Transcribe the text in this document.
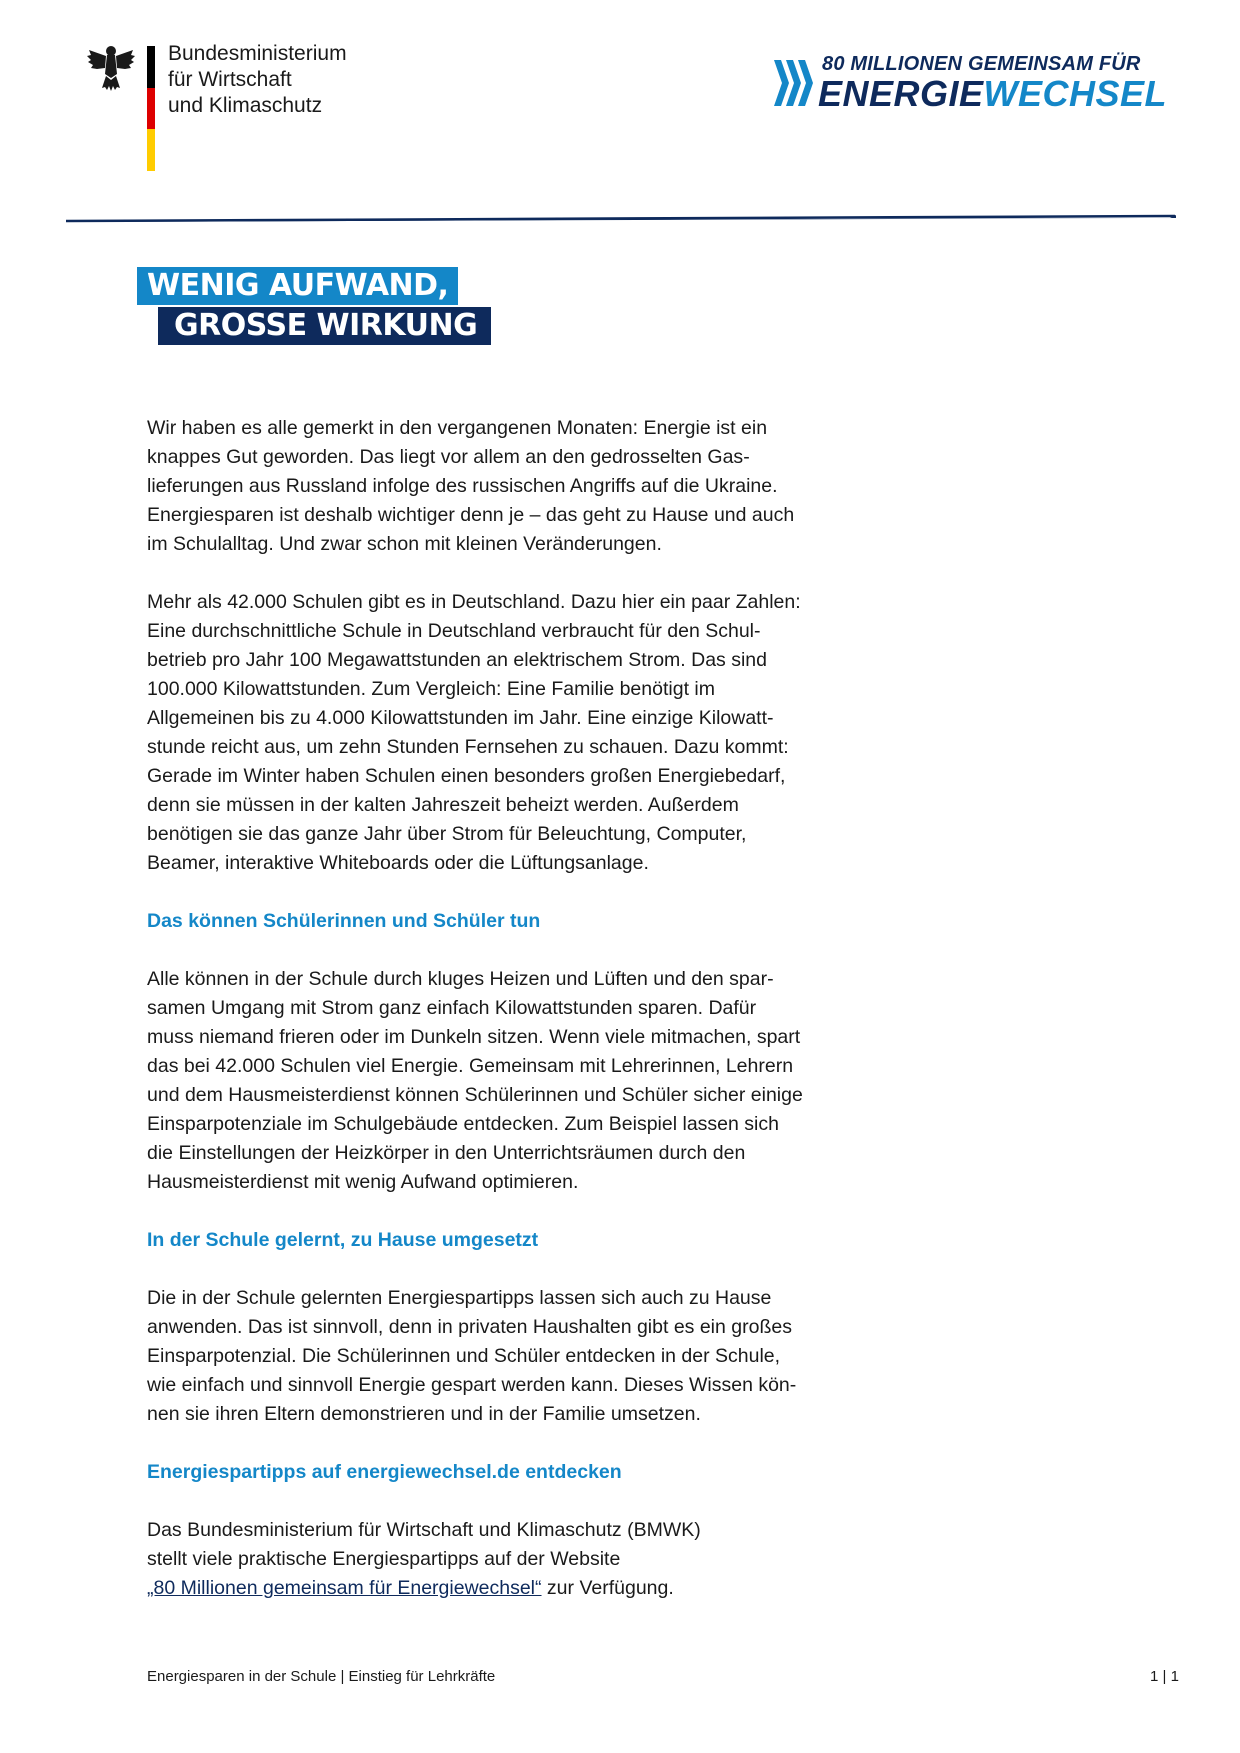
Bundesministerium
für Wirtschaft
und Klimaschutz
80 MILLIONEN GEMEINSAM FÜR
ENERGIEWECHSEL
WENIG AUFWAND,
GROSSE WIRKUNG

Wir haben es alle gemerkt in den vergangenen Monaten: Energie ist ein knappes Gut geworden. Das liegt vor allem an den gedrosselten Gaslieferungen aus Russland infolge des russischen Angriffs auf die Ukraine. Energiesparen ist deshalb wichtiger denn je – das geht zu Hause und auch im Schulalltag. Und zwar schon mit kleinen Veränderungen.

Mehr als 42.000 Schulen gibt es in Deutschland. Dazu hier ein paar Zahlen: Eine durchschnittliche Schule in Deutschland verbraucht für den Schulbetrieb pro Jahr 100 Megawattstunden an elektrischem Strom. Das sind 100.000 Kilowattstunden. Zum Vergleich: Eine Familie benötigt im Allgemeinen bis zu 4.000 Kilowattstunden im Jahr. Eine einzige Kilowattstunde reicht aus, um zehn Stunden Fernsehen zu schauen. Dazu kommt: Gerade im Winter haben Schulen einen besonders großen Energiebedarf, denn sie müssen in der kalten Jahreszeit beheizt werden. Außerdem benötigen sie das ganze Jahr über Strom für Beleuchtung, Computer, Beamer, interaktive Whiteboards oder die Lüftungsanlage.

Das können Schülerinnen und Schüler tun

Alle können in der Schule durch kluges Heizen und Lüften und den sparsamen Umgang mit Strom ganz einfach Kilowattstunden sparen. Dafür muss niemand frieren oder im Dunkeln sitzen. Wenn viele mitmachen, spart das bei 42.000 Schulen viel Energie. Gemeinsam mit Lehrerinnen, Lehrern und dem Hausmeisterdienst können Schülerinnen und Schüler sicher einige Einsparpotenziale im Schulgebäude entdecken. Zum Beispiel lassen sich die Einstellungen der Heizkörper in den Unterrichtsräumen durch den Hausmeisterdienst mit wenig Aufwand optimieren.

In der Schule gelernt, zu Hause umgesetzt

Die in der Schule gelernten Energiespartipps lassen sich auch zu Hause anwenden. Das ist sinnvoll, denn in privaten Haushalten gibt es ein großes Einsparpotenzial. Die Schülerinnen und Schüler entdecken in der Schule, wie einfach und sinnvoll Energie gespart werden kann. Dieses Wissen können sie ihren Eltern demonstrieren und in der Familie umsetzen.

Energiespartipps auf energiewechsel.de entdecken

Das Bundesministerium für Wirtschaft und Klimaschutz (BMWK)
stellt viele praktische Energiespartipps auf der Website
„80 Millionen gemeinsam für Energiewechsel“ zur Verfügung.

Energiesparen in der Schule | Einstieg für Lehrkräfte	1 | 1
